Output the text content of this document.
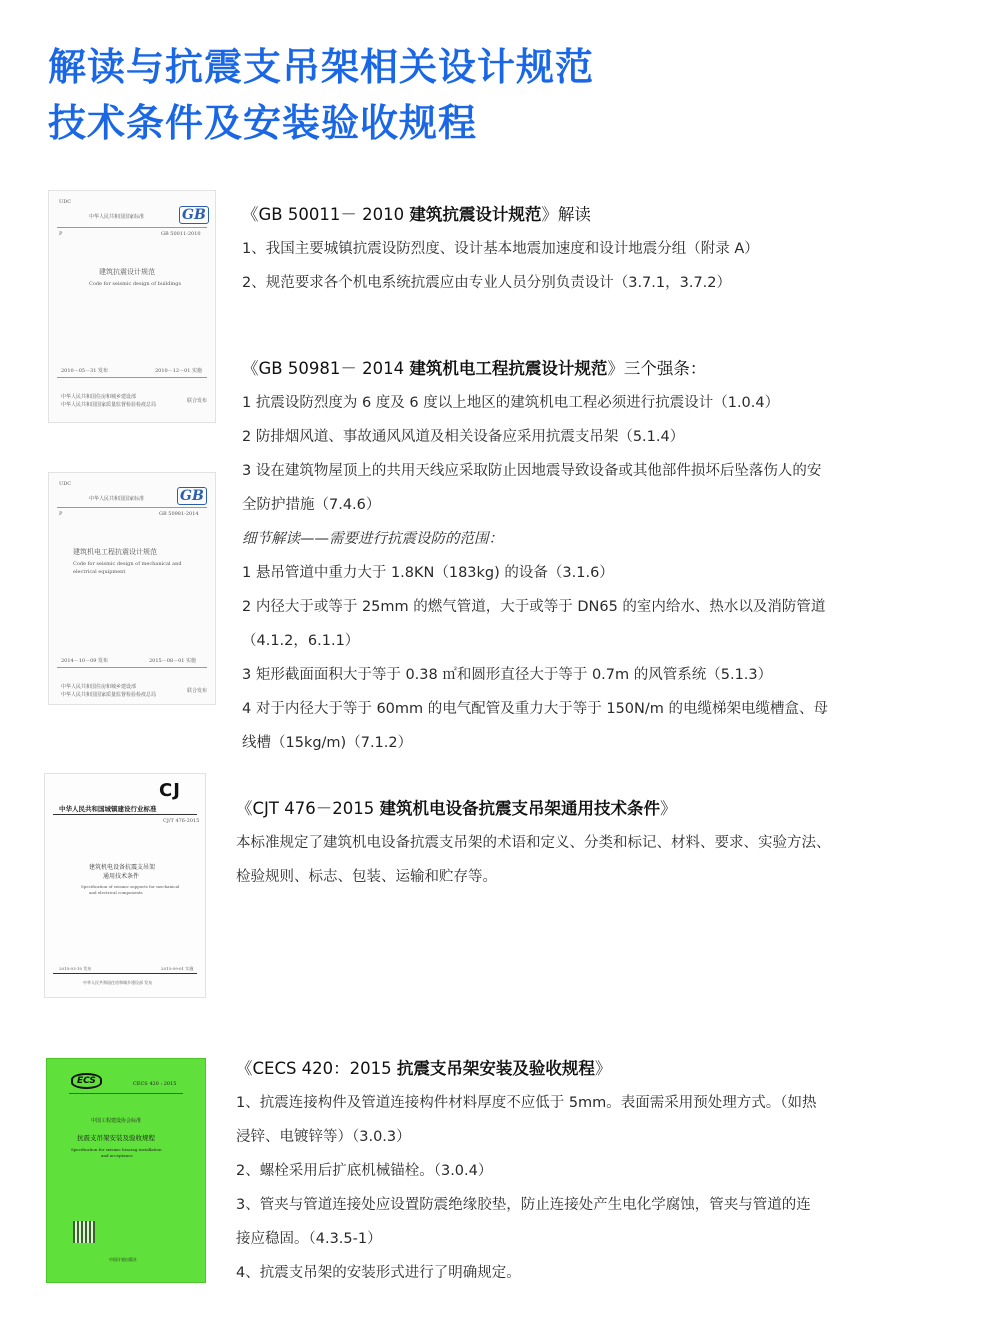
解读与抗震支吊架相关设计规范
技术条件及安装验收规程
UDC
中华人民共和国国家标准	GB
P	GB 50011-2010
建筑抗震设计规范
Code for seismic design of buildings
2010－05－31 发布	2010－12－01 实施
中华人民共和国住房和城乡建设部
中华人民共和国国家质量监督检验检疫总局
联合发布
UDC
中华人民共和国国家标准	GB
P	GB 50981-2014
建筑机电工程抗震设计规范
Code for seismic design of mechanical and
electrical equipment
2014－10－09 发布	2015－08－01 实施
中华人民共和国住房和城乡建设部
中华人民共和国国家质量监督检验检疫总局
联合发布
CJ
中华人民共和国城镇建设行业标准
CJ/T 476-2015
建筑机电设备抗震支吊架
通用技术条件
Specification of seismic supports for mechanical
and electrical components
2015-03-10 发布	2015-09-01 实施
中华人民共和国住房和城乡建设部 发布
ECS	CECS 420 : 2015
中国工程建设协会标准
抗震支吊架安装及验收规程
Specification for seismic bracing installation
and acceptance
中国计划出版社
《GB 50011－ 2010 建筑抗震设计规范》解读
1、我国主要城镇抗震设防烈度、设计基本地震加速度和设计地震分组（附录 A）
2、规范要求各个机电系统抗震应由专业人员分别负责设计（3.7.1，3.7.2）
《GB 50981－ 2014 建筑机电工程抗震设计规范》三个强条：
1 抗震设防烈度为 6 度及 6 度以上地区的建筑机电工程必须进行抗震设计（1.0.4）
2 防排烟风道、事故通风风道及相关设备应采用抗震支吊架（5.1.4）
3 设在建筑物屋顶上的共用天线应采取防止因地震导致设备或其他部件损坏后坠落伤人的安
全防护措施（7.4.6）
细节解读——需要进行抗震设防的范围：
1 悬吊管道中重力大于 1.8KN（183kg) 的设备（3.1.6）
2 内径大于或等于 25mm 的燃气管道，大于或等于 DN65 的室内给水、热水以及消防管道
（4.1.2，6.1.1）
3 矩形截面面积大于等于 0.38 ㎡和圆形直径大于等于 0.7m 的风管系统（5.1.3）
4 对于内径大于等于 60mm 的电气配管及重力大于等于 150N/m 的电缆梯架电缆槽盒、母
线槽（15kg/m)（7.1.2）
《CJT 476－2015 建筑机电设备抗震支吊架通用技术条件》
本标准规定了建筑机电设备抗震支吊架的术语和定义、分类和标记、材料、要求、实验方法、
检验规则、标志、包装、运输和贮存等。
《CECS 420：2015 抗震支吊架安装及验收规程》
1、抗震连接构件及管道连接构件材料厚度不应低于 5mm。表面需采用预处理方式。（如热
浸锌、电镀锌等）（3.0.3）
2、螺栓采用后扩底机械锚栓。（3.0.4）
3、管夹与管道连接处应设置防震绝缘胶垫，防止连接处产生电化学腐蚀，管夹与管道的连
接应稳固。（4.3.5-1）
4、抗震支吊架的安装形式进行了明确规定。
